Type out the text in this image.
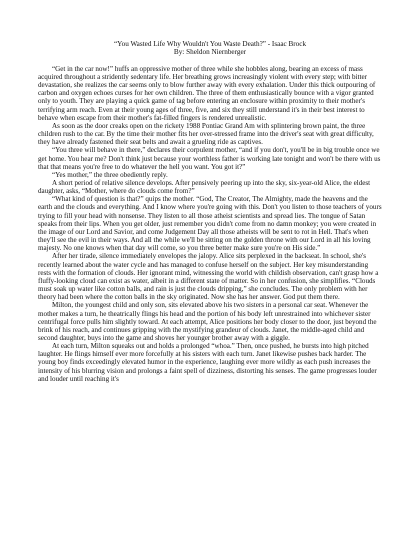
“You Wasted Life Why Wouldn't You Waste Death?” - Isaac Brock
By: Sheldon Niernberger

“Get in the car now!” huffs an oppressive mother of three while she hobbles along, bearing an excess of mass acquired throughout a stridently sedentary life. Her breathing grows increasingly violent with every step; with bitter devastation, she realizes the car seems only to blow further away with every exhalation. Under this thick outpouring of carbon and oxygen echoes curses for her own children. The three of them enthusiastically bounce with a vigor granted only to youth. They are playing a quick game of tag before entering an enclosure within proximity to their mother's terrifying arm reach. Even at their young ages of three, five, and six they still understand it's in their best interest to behave when escape from their mother's fat-filled fingers is rendered unrealistic.

As soon as the door creaks open on the rickety 1988 Pontiac Grand Am with splintering brown paint, the three children rush to the car. By the time their mother fits her over-stressed frame into the driver's seat with great difficulty, they have already fastened their seat belts and await a grueling ride as captives.

“You three will behave in there,” declares their corpulent mother, “and if you don't, you'll be in big trouble once we get home. You hear me? Don't think just because your worthless father is working late tonight and won't be there with us that that means you're free to do whatever the hell you want. You got it?”

“Yes mother,” the three obediently reply.

A short period of relative silence develops. After pensively peering up into the sky, six-year-old Alice, the eldest daughter, asks, “Mother, where do clouds come from?”

“What kind of question is that?” quips the mother. “God, The Creator, The Almighty, made the heavens and the earth and the clouds and everything. And I know where you're going with this. Don't you listen to those teachers of yours trying to fill your head with nonsense. They listen to all those atheist scientists and spread lies. The tongue of Satan speaks from their lips. When you get older, just remember you didn't come from no damn monkey; you were created in the image of our Lord and Savior, and come Judgement Day all those atheists will be sent to rot in Hell. That's when they'll see the evil in their ways. And all the while we'll be sitting on the golden throne with our Lord in all his loving majesty. No one knows when that day will come, so you three better make sure you're on His side.”

After her tirade, silence immediately envelopes the jalopy. Alice sits perplexed in the backseat. In school, she's recently learned about the water cycle and has managed to confuse herself on the subject. Her key misunderstanding rests with the formation of clouds. Her ignorant mind, witnessing the world with childish observation, can't grasp how a fluffy-looking cloud can exist as water, albeit in a different state of matter. So in her confusion, she simplifies. “Clouds must soak up water like cotton balls, and rain is just the clouds dripping,” she concludes. The only problem with her theory had been where the cotton balls in the sky originated. Now she has her answer. God put them there.

Milton, the youngest child and only son, sits elevated above his two sisters in a personal car seat. Whenever the mother makes a turn, he theatrically flings his head and the portion of his body left unrestrained into whichever sister centrifugal force pulls him slightly toward. At each attempt, Alice positions her body closer to the door, just beyond the brink of his reach, and continues gripping with the mystifying grandeur of clouds. Janet, the middle-aged child and second daughter, buys into the game and shoves her younger brother away with a giggle.

At each turn, Milton squeaks out and holds a prolonged “whoa.” Then, once pushed, he bursts into high pitched laughter. He flings himself ever more forcefully at his sisters with each turn. Janet likewise pushes back harder. The young boy finds exceedingly elevated humor in the experience, laughing ever more wildly as each push increases the intensity of his blurring vision and prolongs a faint spell of dizziness, distorting his senses. The game progresses louder and louder until reaching it's
